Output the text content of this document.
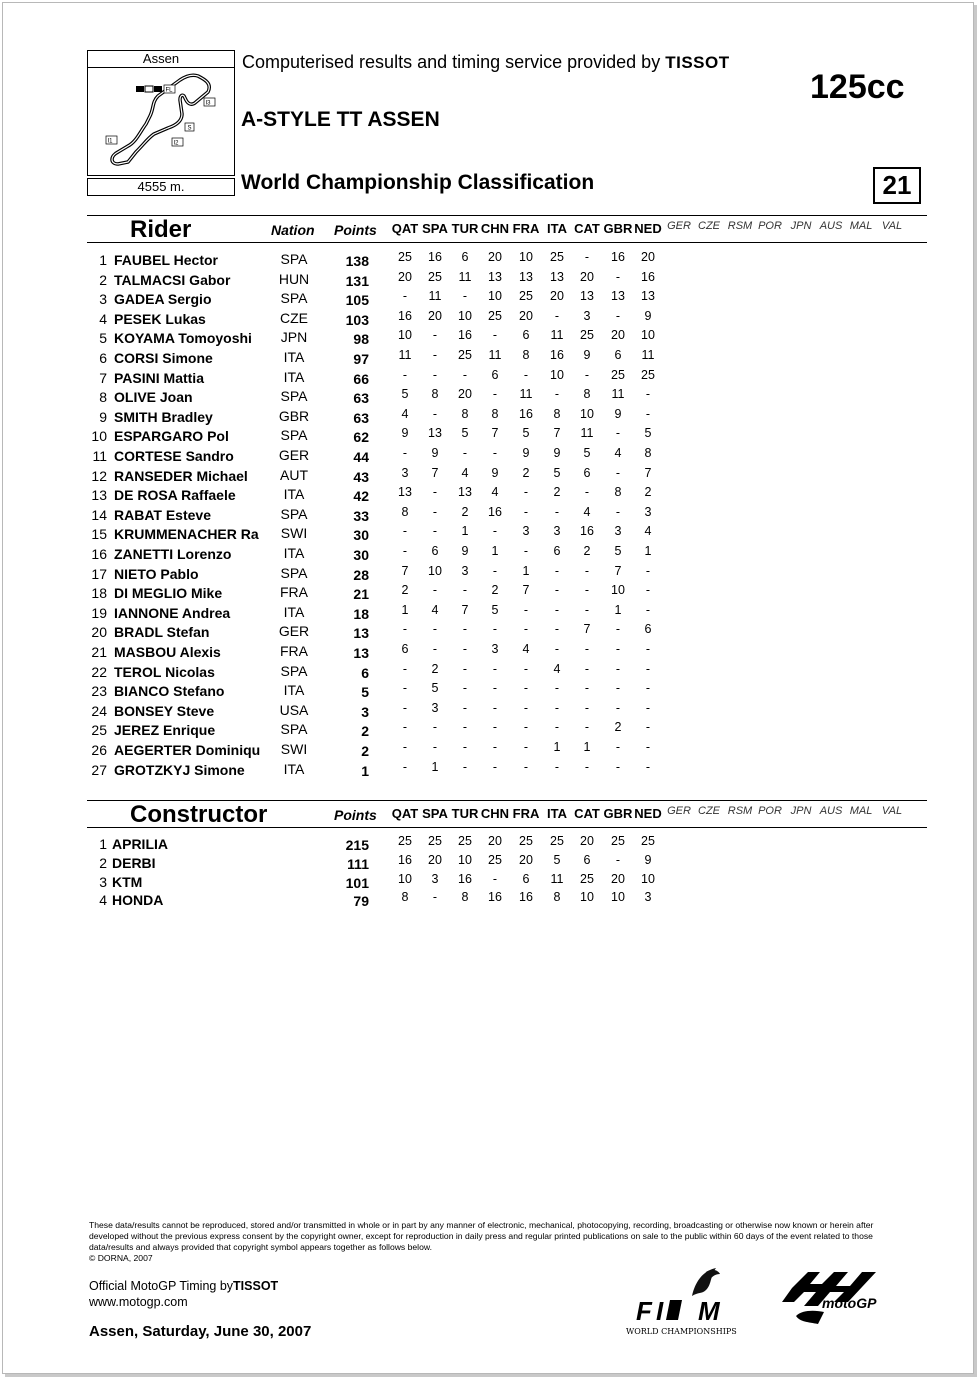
Assen
FL
I3
S
I2
I1
4555 m.
Computerised results and timing service provided by TISSOT
A-STYLE TT ASSEN
125cc
World Championship Classification	21
Rider	Nation Points QAT SPA TUR CHN FRA ITA CAT GBR NED GER CZE RSM POR JPN AUS MAL VAL
1 FAUBEL Hector	SPA	138	25	16	6	20	10	25	-	16	20
2 TALMACSI Gabor	HUN	131	20	25	11	13	13	13	20	-	16
3 GADEA Sergio	SPA	105	-	11	-	10	25	20	13	13	13
4 PESEK Lukas	CZE	103	16	20	10	25	20	-	3	-	9
5 KOYAMA Tomoyoshi	JPN	98	10	-	16	-	6	11	25	20	10
6 CORSI Simone	ITA	97	11	-	25	11	8	16	9	6	11
7 PASINI Mattia	ITA	66	-	-	-	6	-	10	-	25	25
8 OLIVE Joan	SPA	63	5	8	20	-	11	-	8	11	-
9 SMITH Bradley	GBR	63	4	-	8	8	16	8	10	9	-
10 ESPARGARO Pol	SPA	62	9	13	5	7	5	7	11	-	5
11 CORTESE Sandro	GER	44	-	9	-	-	9	9	5	4	8
12 RANSEDER Michael	AUT	43	3	7	4	9	2	5	6	-	7
13 DE ROSA Raffaele	ITA	42	13	-	13	4	-	2	-	8	2
14 RABAT Esteve	SPA	33	8	-	2	16	-	-	4	-	3
15 KRUMMENACHER Ra	SWI	30	-	-	1	-	3	3	16	3	4
16 ZANETTI Lorenzo	ITA	30	-	6	9	1	-	6	2	5	1
17 NIETO Pablo	SPA	28	7	10	3	-	1	-	-	7	-
18 DI MEGLIO Mike	FRA	21	2	-	-	2	7	-	-	10	-
19 IANNONE Andrea	ITA	18	1	4	7	5	-	-	-	1	-
20 BRADL Stefan	GER	13	-	-	-	-	-	-	7	-	6
21 MASBOU Alexis	FRA	13	6	-	-	3	4	-	-	-	-
22 TEROL Nicolas	SPA	6	-	2	-	-	-	4	-	-	-
23 BIANCO Stefano	ITA	5	-	5	-	-	-	-	-	-	-
24 BONSEY Steve	USA	3	-	3	-	-	-	-	-	-	-
25 JEREZ Enrique	SPA	2	-	-	-	-	-	-	-	2	-
26 AEGERTER Dominiqu	SWI	2	-	-	-	-	-	1	1	-	-
27 GROTZKYJ Simone	ITA	1	-	1	-	-	-	-	-	-	-
Constructor	Points QAT SPA TUR CHN FRA ITA CAT GBR NED GER CZE RSM POR JPN AUS MAL VAL
1 APRILIA	215	25	25	25	20	25	25	20	25	25
2 DERBI	111	16	20	10	25	20	5	6	-	9
3 KTM	101	10	3	16	-	6	11	25	20	10
4 HONDA	79	8	-	8	16	16	8	10	10	3
These data/results cannot be reproduced, stored and/or transmitted in whole or in part by any manner of electronic, mechanical, photocopying, recording, broadcasting or otherwise now known or herein after developed without the previous express consent by the copyright owner, except for reproduction in daily press and regular printed publications on sale to the public within 60 days of the event related to those data/results and always provided that copyright symbol appears together as follows below.
© DORNA, 2007
Official MotoGP Timing byTISSOT
www.motogp.com
Assen, Saturday, June 30, 2007
F I M
WORLD CHAMPIONSHIPS
motoGP
